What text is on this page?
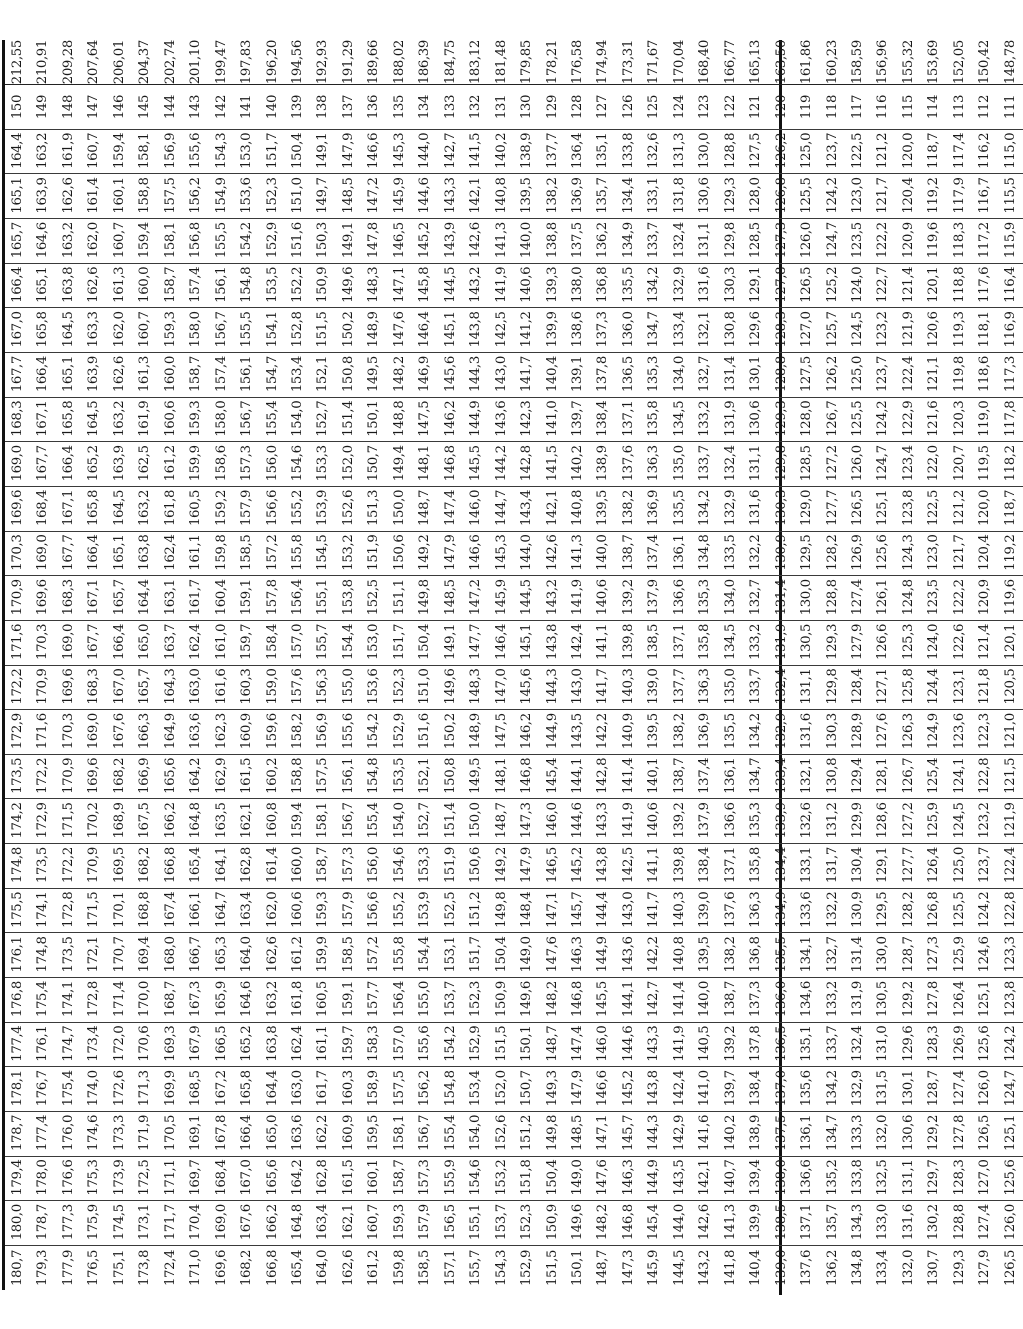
180,7	180,0	179,4	178,7	178,1	177,4	176,8	176,1	175,5	174,8	174,2	173,5	172,9	172,2	171,6	170,9	170,3	169,6	169,0	168,3	167,7	167,0	166,4	165,7	165,1	164,4	150	212,55
179,3	178,7	178,0	177,4	176,7	176,1	175,4	174,8	174,1	173,5	172,9	172,2	171,6	170,9	170,3	169,6	169,0	168,4	167,7	167,1	166,4	165,8	165,1	164,6	163,9	163,2	149	210,91
177,9	177,3	176,6	176,0	175,4	174,7	174,1	173,5	172,8	172,2	171,5	170,9	170,3	169,6	169,0	168,3	167,7	167,1	166,4	165,8	165,1	164,5	163,8	163,2	162,6	161,9	148	209,28
176,5	175,9	175,3	174,6	174,0	173,4	172,8	172,1	171,5	170,9	170,2	169,6	169,0	168,3	167,7	167,1	166,4	165,8	165,2	164,5	163,9	163,3	162,6	162,0	161,4	160,7	147	207,64
175,1	174,5	173,9	173,3	172,6	172,0	171,4	170,7	170,1	169,5	168,9	168,2	167,6	167,0	166,4	165,7	165,1	164,5	163,9	163,2	162,6	162,0	161,3	160,7	160,1	159,4	146	206,01
173,8	173,1	172,5	171,9	171,3	170,6	170,0	169,4	168,8	168,2	167,5	166,9	166,3	165,7	165,0	164,4	163,8	163,2	162,5	161,9	161,3	160,7	160,0	159,4	158,8	158,1	145	204,37
172,4	171,7	171,1	170,5	169,9	169,3	168,7	168,0	167,4	166,8	166,2	165,6	164,9	164,3	163,7	163,1	162,4	161,8	161,2	160,6	160,0	159,3	158,7	158,1	157,5	156,9	144	202,74
171,0	170,4	169,7	169,1	168,5	167,9	167,3	166,7	166,1	165,4	164,8	164,2	163,6	163,0	162,4	161,7	161,1	160,5	159,9	159,3	158,7	158,0	157,4	156,8	156,2	155,6	143	201,10
169,6	169,0	168,4	167,8	167,2	166,5	165,9	165,3	164,7	164,1	163,5	162,9	162,3	161,6	161,0	160,4	159,8	159,2	158,6	158,0	157,4	156,7	156,1	155,5	154,9	154,3	142	199,47
168,2	167,6	167,0	166,4	165,8	165,2	164,6	164,0	163,4	162,8	162,1	161,5	160,9	160,3	159,7	159,1	158,5	157,9	157,3	156,7	156,1	155,5	154,8	154,2	153,6	153,0	141	197,83
166,8	166,2	165,6	165,0	164,4	163,8	163,2	162,6	162,0	161,4	160,8	160,2	159,6	159,0	158,4	157,8	157,2	156,6	156,0	155,4	154,7	154,1	153,5	152,9	152,3	151,7	140	196,20
165,4	164,8	164,2	163,6	163,0	162,4	161,8	161,2	160,6	160,0	159,4	158,8	158,2	157,6	157,0	156,4	155,8	155,2	154,6	154,0	153,4	152,8	152,2	151,6	151,0	150,4	139	194,56
164,0	163,4	162,8	162,2	161,7	161,1	160,5	159,9	159,3	158,7	158,1	157,5	156,9	156,3	155,7	155,1	154,5	153,9	153,3	152,7	152,1	151,5	150,9	150,3	149,7	149,1	138	192,93
162,6	162,1	161,5	160,9	160,3	159,7	159,1	158,5	157,9	157,3	156,7	156,1	155,6	155,0	154,4	153,8	153,2	152,6	152,0	151,4	150,8	150,2	149,6	149,1	148,5	147,9	137	191,29
161,2	160,7	160,1	159,5	158,9	158,3	157,7	157,2	156,6	156,0	155,4	154,8	154,2	153,6	153,0	152,5	151,9	151,3	150,7	150,1	149,5	148,9	148,3	147,8	147,2	146,6	136	189,66
159,8	159,3	158,7	158,1	157,5	157,0	156,4	155,8	155,2	154,6	154,0	153,5	152,9	152,3	151,7	151,1	150,6	150,0	149,4	148,8	148,2	147,6	147,1	146,5	145,9	145,3	135	188,02
158,5	157,9	157,3	156,7	156,2	155,6	155,0	154,4	153,9	153,3	152,7	152,1	151,6	151,0	150,4	149,8	149,2	148,7	148,1	147,5	146,9	146,4	145,8	145,2	144,6	144,0	134	186,39
157,1	156,5	155,9	155,4	154,8	154,2	153,7	153,1	152,5	151,9	151,4	150,8	150,2	149,6	149,1	148,5	147,9	147,4	146,8	146,2	145,6	145,1	144,5	143,9	143,3	142,7	133	184,75
155,7	155,1	154,6	154,0	153,4	152,9	152,3	151,7	151,2	150,6	150,0	149,5	148,9	148,3	147,7	147,2	146,6	146,0	145,5	144,9	144,3	143,8	143,2	142,6	142,1	141,5	132	183,12
154,3	153,7	153,2	152,6	152,0	151,5	150,9	150,4	149,8	149,2	148,7	148,1	147,5	147,0	146,4	145,9	145,3	144,7	144,2	143,6	143,0	142,5	141,9	141,3	140,8	140,2	131	181,48
152,9	152,3	151,8	151,2	150,7	150,1	149,6	149,0	148,4	147,9	147,3	146,8	146,2	145,6	145,1	144,5	144,0	143,4	142,8	142,3	141,7	141,2	140,6	140,0	139,5	138,9	130	179,85
151,5	150,9	150,4	149,8	149,3	148,7	148,2	147,6	147,1	146,5	146,0	145,4	144,9	144,3	143,8	143,2	142,6	142,1	141,5	141,0	140,4	139,9	139,3	138,8	138,2	137,7	129	178,21
150,1	149,6	149,0	148,5	147,9	147,4	146,8	146,3	145,7	145,2	144,6	144,1	143,5	143,0	142,4	141,9	141,3	140,8	140,2	139,7	139,1	138,6	138,0	137,5	136,9	136,4	128	176,58
148,7	148,2	147,6	147,1	146,6	146,0	145,5	144,9	144,4	143,8	143,3	142,8	142,2	141,7	141,1	140,6	140,0	139,5	138,9	138,4	137,8	137,3	136,8	136,2	135,7	135,1	127	174,94
147,3	146,8	146,3	145,7	145,2	144,6	144,1	143,6	143,0	142,5	141,9	141,4	140,9	140,3	139,8	139,2	138,7	138,2	137,6	137,1	136,5	136,0	135,5	134,9	134,4	133,8	126	173,31
145,9	145,4	144,9	144,3	143,8	143,3	142,7	142,2	141,7	141,1	140,6	140,1	139,5	139,0	138,5	137,9	137,4	136,9	136,3	135,8	135,3	134,7	134,2	133,7	133,1	132,6	125	171,67
144,5	144,0	143,5	142,9	142,4	141,9	141,4	140,8	140,3	139,8	139,2	138,7	138,2	137,7	137,1	136,6	136,1	135,5	135,0	134,5	134,0	133,4	132,9	132,4	131,8	131,3	124	170,04
143,2	142,6	142,1	141,6	141,0	140,5	140,0	139,5	139,0	138,4	137,9	137,4	136,9	136,3	135,8	135,3	134,8	134,2	133,7	133,2	132,7	132,1	131,6	131,1	130,6	130,0	123	168,40
141,8	141,3	140,7	140,2	139,7	139,2	138,7	138,2	137,6	137,1	136,6	136,1	135,5	135,0	134,5	134,0	133,5	132,9	132,4	131,9	131,4	130,8	130,3	129,8	129,3	128,8	122	166,77
140,4	139,9	139,4	138,9	138,4	137,8	137,3	136,8	136,3	135,8	135,3	134,7	134,2	133,7	133,2	132,7	132,2	131,6	131,1	130,6	130,1	129,6	129,1	128,5	128,0	127,5	121	165,13
139,0	138,5	138,0	137,5	137,0	136,5	136,0	135,5	134,9	134,4	133,9	133,4	132,9	132,4	131,9	131,4	130,9	130,3	129,8	129,3	128,8	128,3	127,8	127,3	126,8	126,2	120	163,50
137,6	137,1	136,6	136,1	135,6	135,1	134,6	134,1	133,6	133,1	132,6	132,1	131,6	131,1	130,5	130,0	129,5	129,0	128,5	128,0	127,5	127,0	126,5	126,0	125,5	125,0	119	161,86
136,2	135,7	135,2	134,7	134,2	133,7	133,2	132,7	132,2	131,7	131,2	130,8	130,3	129,8	129,3	128,8	128,2	127,7	127,2	126,7	126,2	125,7	125,2	124,7	124,2	123,7	118	160,23
134,8	134,3	133,8	133,3	132,9	132,4	131,9	131,4	130,9	130,4	129,9	129,4	128,9	128,4	127,9	127,4	126,9	126,5	126,0	125,5	125,0	124,5	124,0	123,5	123,0	122,5	117	158,59
133,4	133,0	132,5	132,0	131,5	131,0	130,5	130,0	129,5	129,1	128,6	128,1	127,6	127,1	126,6	126,1	125,6	125,1	124,7	124,2	123,7	123,2	122,7	122,2	121,7	121,2	116	156,96
132,0	131,6	131,1	130,6	130,1	129,6	129,2	128,7	128,2	127,7	127,2	126,7	126,3	125,8	125,3	124,8	124,3	123,8	123,4	122,9	122,4	121,9	121,4	120,9	120,4	120,0	115	155,32
130,7	130,2	129,7	129,2	128,7	128,3	127,8	127,3	126,8	126,4	125,9	125,4	124,9	124,4	124,0	123,5	123,0	122,5	122,0	121,6	121,1	120,6	120,1	119,6	119,2	118,7	114	153,69
129,3	128,8	128,3	127,8	127,4	126,9	126,4	125,9	125,5	125,0	124,5	124,1	123,6	123,1	122,6	122,2	121,7	121,2	120,7	120,3	119,8	119,3	118,8	118,3	117,9	117,4	113	152,05
127,9	127,4	127,0	126,5	126,0	125,6	125,1	124,6	124,2	123,7	123,2	122,8	122,3	121,8	121,4	120,9	120,4	120,0	119,5	119,0	118,6	118,1	117,6	117,2	116,7	116,2	112	150,42
126,5	126,0	125,6	125,1	124,7	124,2	123,8	123,3	122,8	122,4	121,9	121,5	121,0	120,5	120,1	119,6	119,2	118,7	118,2	117,8	117,3	116,9	116,4	115,9	115,5	115,0	111	148,78
